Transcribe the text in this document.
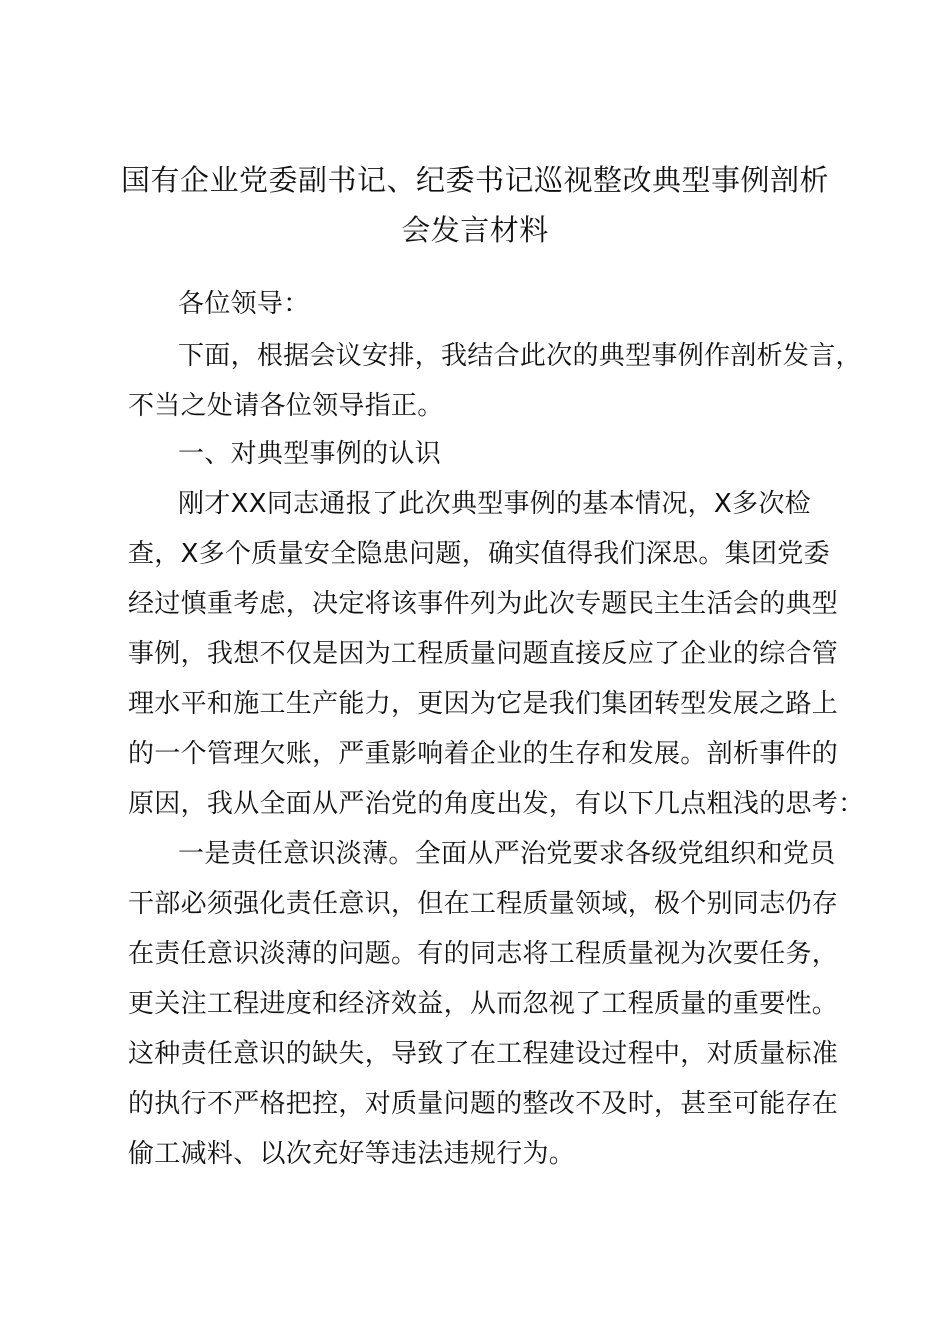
国有企业党委副书记、纪委书记巡视整改典型事例剖析
会发言材料
各位领导：
下面，根据会议安排，我结合此次的典型事例作剖析发言，
不当之处请各位领导指正。
一、对典型事例的认识
刚才XX同志通报了此次典型事例的基本情况，X多次检
查，X多个质量安全隐患问题，确实值得我们深思。集团党委
经过慎重考虑，决定将该事件列为此次专题民主生活会的典型
事例，我想不仅是因为工程质量问题直接反应了企业的综合管
理水平和施工生产能力，更因为它是我们集团转型发展之路上
的一个管理欠账，严重影响着企业的生存和发展。剖析事件的
原因，我从全面从严治党的角度出发，有以下几点粗浅的思考：
一是责任意识淡薄。全面从严治党要求各级党组织和党员
干部必须强化责任意识，但在工程质量领域，极个别同志仍存
在责任意识淡薄的问题。有的同志将工程质量视为次要任务，
更关注工程进度和经济效益，从而忽视了工程质量的重要性。
这种责任意识的缺失，导致了在工程建设过程中，对质量标准
的执行不严格把控，对质量问题的整改不及时，甚至可能存在
偷工减料、以次充好等违法违规行为。
